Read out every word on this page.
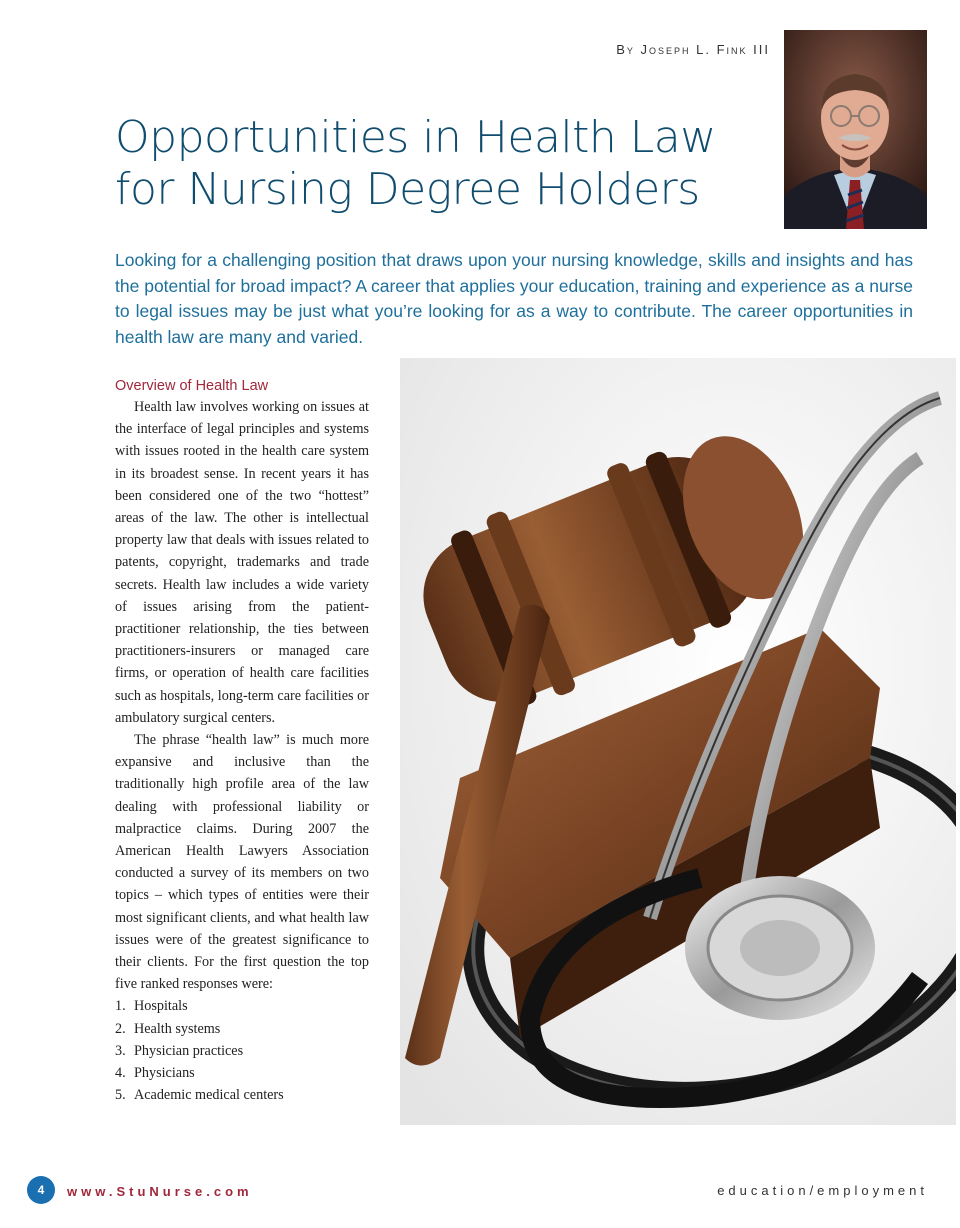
By Joseph L. Fink III
Opportunities in Health Law
for Nursing Degree Holders

Looking for a challenging position that draws upon your nursing knowledge, skills and insights and has the potential for broad impact? A career that applies your education, training and experience as a nurse to legal issues may be just what you’re looking for as a way to contribute. The career opportunities in health law are many and varied.

Overview of Health Law

Health law involves working on issues at the interface of legal principles and systems with issues rooted in the health care system in its broadest sense. In recent years it has been considered one of the two “hottest” areas of the law. The other is intellectual property law that deals with issues related to patents, copyright, trademarks and trade secrets. Health law includes a wide variety of issues arising from the patient-practitioner relationship, the ties between practitioners-insurers or managed care firms, or operation of health care facilities such as hospitals, long-term care facilities or ambulatory surgical centers.

The phrase “health law” is much more expansive and inclusive than the traditionally high profile area of the law dealing with professional liability or malpractice claims. During 2007 the American Health Lawyers Association conducted a survey of its members on two topics – which types of entities were their most significant clients, and what health law issues were of the greatest significance to their clients. For the first question the top five ranked responses were:

1. Hospitals
2. Health systems
3. Physician practices
4. Physicians
5. Academic medical centers
4	www.StuNurse.com	education/employment
